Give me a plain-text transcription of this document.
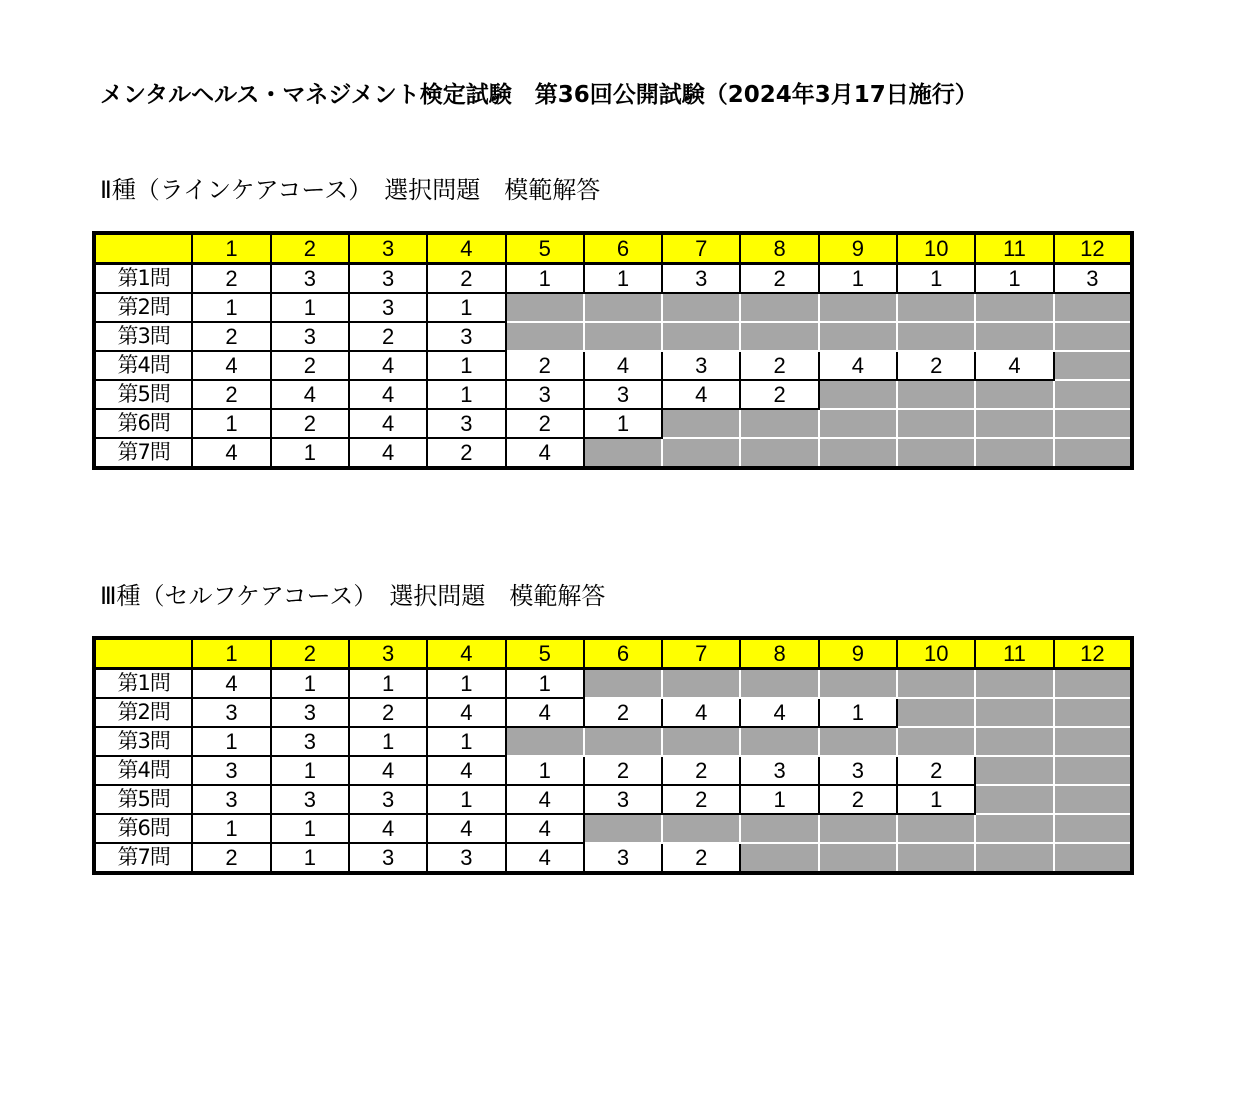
メンタルヘルス・マネジメント検定試験　第36回公開試験（2024年3月17日施行）
Ⅱ種（ラインケアコース）　選択問題　模範解答
	1	2	3	4	5	6	7	8	9	10	11	12
第1問	2	3	3	2	1	1	3	2	1	1	1	3
第2問	1	1	3	1								
第3問	2	3	2	3								
第4問	4	2	4	1	2	4	3	2	4	2	4	
第5問	2	4	4	1	3	3	4	2				
第6問	1	2	4	3	2	1						
第7問	4	1	4	2	4							
Ⅲ種（セルフケアコース）　選択問題　模範解答
	1	2	3	4	5	6	7	8	9	10	11	12
第1問	4	1	1	1	1							
第2問	3	3	2	4	4	2	4	4	1			
第3問	1	3	1	1								
第4問	3	1	4	4	1	2	2	3	3	2		
第5問	3	3	3	1	4	3	2	1	2	1		
第6問	1	1	4	4	4							
第7問	2	1	3	3	4	3	2					
